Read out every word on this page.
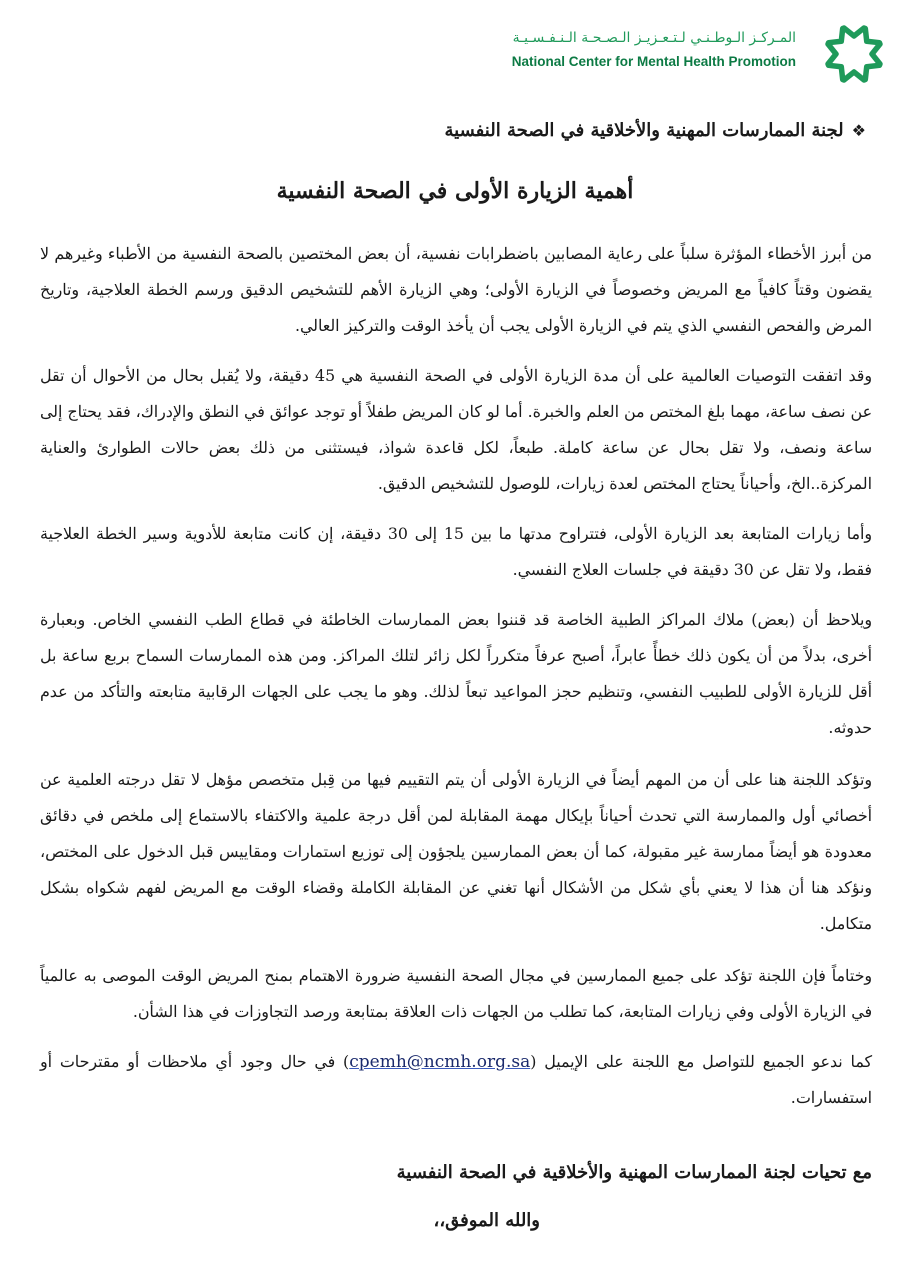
المـركـز الـوطـنـي لـتـعـزيـز الـصـحـة الـنـفـسـيـة
National Center for Mental Health Promotion
❖
لجنة الممارسات المهنية والأخلاقية في الصحة النفسية
أهمية الزيارة الأولى في الصحة النفسية

من أبرز الأخطاء المؤثرة سلباً على رعاية المصابين باضطرابات نفسية، أن بعض المختصين بالصحة النفسية من الأطباء وغيرهم لا يقضون وقتاً كافياً مع المريض وخصوصاً في الزيارة الأولى؛ وهي الزيارة الأهم للتشخيص الدقيق ورسم الخطة العلاجية، وتاريخ المرض والفحص النفسي الذي يتم في الزيارة الأولى يجب أن يأخذ الوقت والتركيز العالي.

وقد اتفقت التوصيات العالمية على أن مدة الزيارة الأولى في الصحة النفسية هي 45 دقيقة، ولا يُقبل بحال من الأحوال أن تقل عن نصف ساعة، مهما بلغ المختص من العلم والخبرة. أما لو كان المريض طفلاً أو توجد عوائق في النطق والإدراك، فقد يحتاج إلى ساعة ونصف، ولا تقل بحال عن ساعة كاملة. طبعاً، لكل قاعدة شواذ، فيستثنى من ذلك بعض حالات الطوارئ والعناية المركزة..الخ، وأحياناً يحتاج المختص لعدة زيارات، للوصول للتشخيص الدقيق.

وأما زيارات المتابعة بعد الزيارة الأولى، فتتراوح مدتها ما بين 15 إلى 30 دقيقة، إن كانت متابعة للأدوية وسير الخطة العلاجية فقط، ولا تقل عن 30 دقيقة في جلسات العلاج النفسي.

ويلاحظ أن (بعض) ملاك المراكز الطبية الخاصة قد قننوا بعض الممارسات الخاطئة في قطاع الطب النفسي الخاص. وبعبارة أخرى، بدلاً من أن يكون ذلك خطأً عابراً، أصبح عرفاً متكرراً لكل زائر لتلك المراكز. ومن هذه الممارسات السماح بربع ساعة بل أقل للزيارة الأولى للطبيب النفسي، وتنظيم حجز المواعيد تبعاً لذلك. وهو ما يجب على الجهات الرقابية متابعته والتأكد من عدم حدوثه.

وتؤكد اللجنة هنا على أن من المهم أيضاً في الزيارة الأولى أن يتم التقييم فيها من قِبل متخصص مؤهل لا تقل درجته العلمية عن أخصائي أول والممارسة التي تحدث أحياناً بإيكال مهمة المقابلة لمن أقل درجة علمية والاكتفاء بالاستماع إلى ملخص في دقائق معدودة هو أيضاً ممارسة غير مقبولة، كما أن بعض الممارسين يلجؤون إلى توزيع استمارات ومقاييس قبل الدخول على المختص، ونؤكد هنا أن هذا لا يعني بأي شكل من الأشكال أنها تغني عن المقابلة الكاملة وقضاء الوقت مع المريض لفهم شكواه بشكل متكامل.

وختاماً فإن اللجنة تؤكد على جميع الممارسين في مجال الصحة النفسية ضرورة الاهتمام بمنح المريض الوقت الموصى به عالمياً في الزيارة الأولى وفي زيارات المتابعة، كما تطلب من الجهات ذات العلاقة بمتابعة ورصد التجاوزات في هذا الشأن.

كما ندعو الجميع للتواصل مع اللجنة على الإيميل (cpemh@ncmh.org.sa) في حال وجود أي ملاحظات أو مقترحات أو استفسارات.

مع تحيات لجنة الممارسات المهنية والأخلاقية في الصحة النفسية
والله الموفق،،
